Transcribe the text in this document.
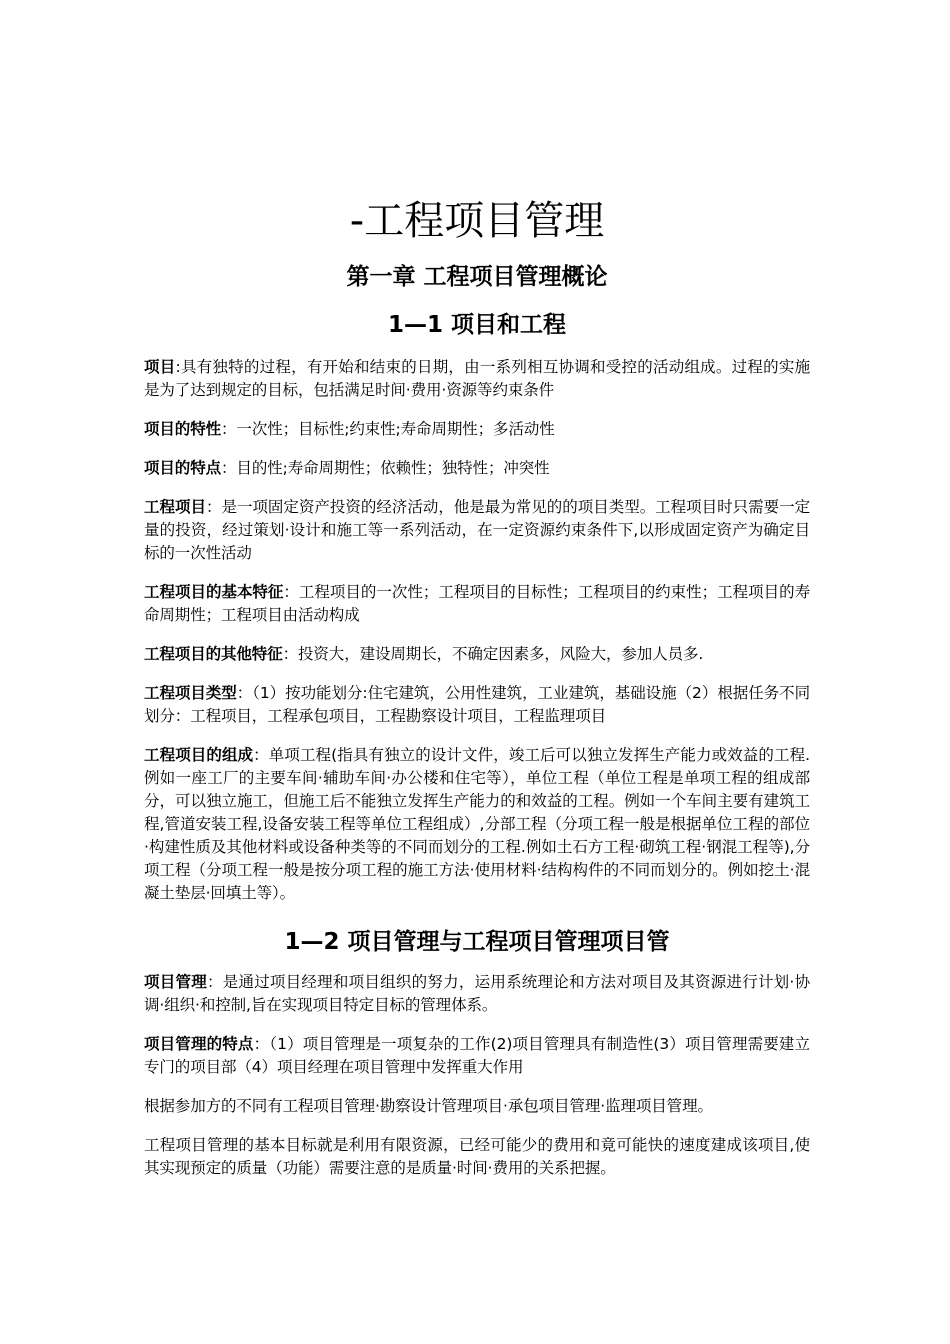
-工程项目管理
第一章 工程项目管理概论
1—1 项目和工程

项目:具有独特的过程，有开始和结束的日期，由一系列相互协调和受控的活动组成。过程的实施是为了达到规定的目标，包括满足时间·费用·资源等约束条件

项目的特性：一次性；目标性;约束性;寿命周期性；多活动性

项目的特点：目的性;寿命周期性；依赖性；独特性；冲突性

工程项目：是一项固定资产投资的经济活动，他是最为常见的的项目类型。工程项目时只需要一定量的投资，经过策划·设计和施工等一系列活动，在一定资源约束条件下,以形成固定资产为确定目标的一次性活动

工程项目的基本特征：工程项目的一次性；工程项目的目标性；工程项目的约束性；工程项目的寿命周期性；工程项目由活动构成

工程项目的其他特征：投资大，建设周期长，不确定因素多，风险大，参加人员多.

工程项目类型：（1）按功能划分:住宅建筑，公用性建筑，工业建筑，基础设施（2）根据任务不同划分：工程项目，工程承包项目，工程勘察设计项目，工程监理项目

工程项目的组成：单项工程(指具有独立的设计文件，竣工后可以独立发挥生产能力或效益的工程.例如一座工厂的主要车间·辅助车间·办公楼和住宅等），单位工程（单位工程是单项工程的组成部分，可以独立施工，但施工后不能独立发挥生产能力的和效益的工程。例如一个车间主要有建筑工程,管道安装工程,设备安装工程等单位工程组成）,分部工程（分项工程一般是根据单位工程的部位·构建性质及其他材料或设备种类等的不同而划分的工程.例如土石方工程·砌筑工程·钢混工程等),分项工程（分项工程一般是按分项工程的施工方法·使用材料·结构构件的不同而划分的。例如挖土·混凝土垫层·回填土等）。

1—2 项目管理与工程项目管理项目管

项目管理：是通过项目经理和项目组织的努力，运用系统理论和方法对项目及其资源进行计划·协调·组织·和控制,旨在实现项目特定目标的管理体系。

项目管理的特点：（1）项目管理是一项复杂的工作(2)项目管理具有制造性(3）项目管理需要建立专门的项目部（4）项目经理在项目管理中发挥重大作用

根据参加方的不同有工程项目管理·勘察设计管理项目·承包项目管理·监理项目管理。

工程项目管理的基本目标就是利用有限资源，已经可能少的费用和竟可能快的速度建成该项目,使其实现预定的质量（功能）需要注意的是质量·时间·费用的关系把握。
